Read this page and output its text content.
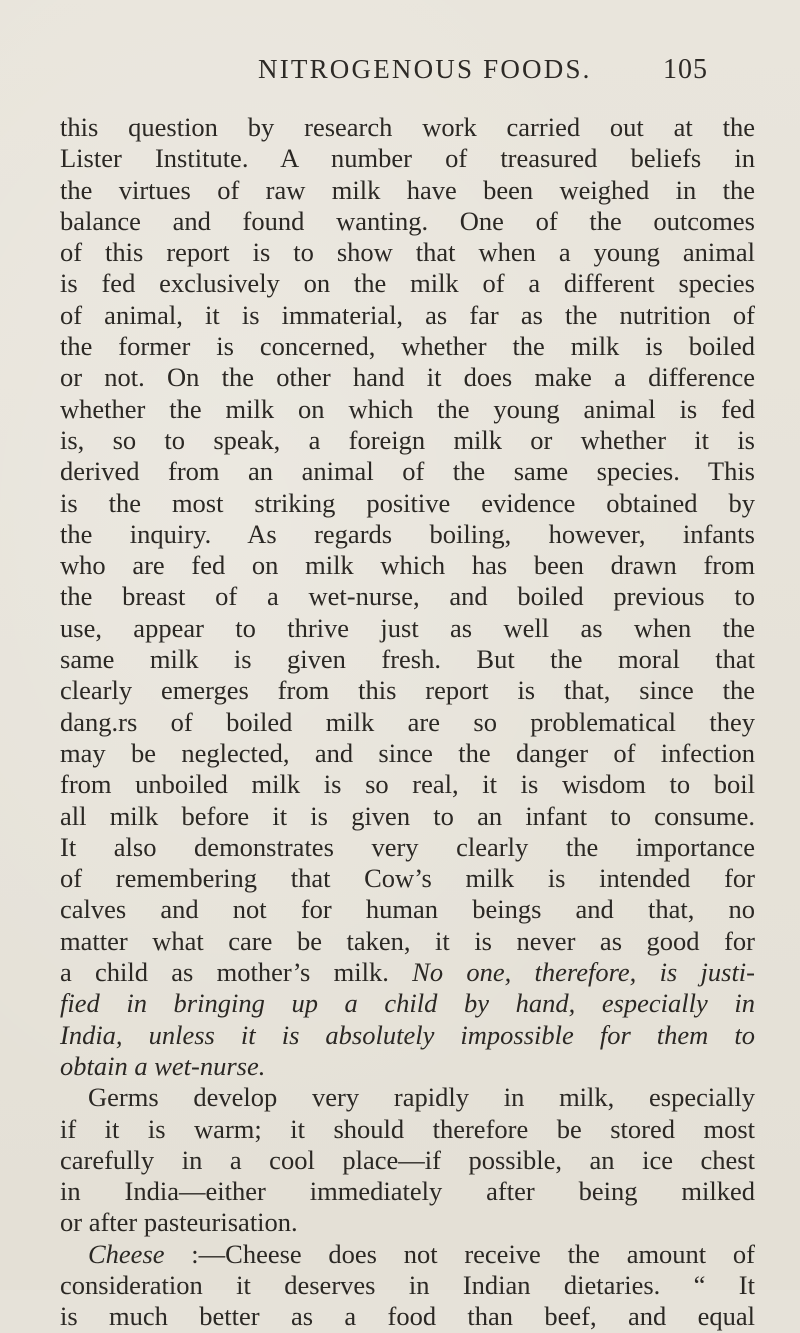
NITROGENOUS FOODS.	105
this question by research work carried out at the
Lister Institute. A number of treasured beliefs in
the virtues of raw milk have been weighed in the
balance and found wanting. One of the outcomes
of this report is to show that when a young animal
is fed exclusively on the milk of a different species
of animal, it is immaterial, as far as the nutrition of
the former is concerned, whether the milk is boiled
or not. On the other hand it does make a difference
whether the milk on which the young animal is fed
is, so to speak, a foreign milk or whether it is
derived from an animal of the same species. This
is the most striking positive evidence obtained by
the inquiry. As regards boiling, however, infants
who are fed on milk which has been drawn from
the breast of a wet-nurse, and boiled previous to
use, appear to thrive just as well as when the
same milk is given fresh. But the moral that
clearly emerges from this report is that, since the
dang.rs of boiled milk are so problematical they
may be neglected, and since the danger of infection
from unboiled milk is so real, it is wisdom to boil
all milk before it is given to an infant to consume.
It also demonstrates very clearly the importance
of remembering that Cow’s milk is intended for
calves and not for human beings and that, no
matter what care be taken, it is never as good for
a child as mother’s milk. No one, therefore, is justi-
fied in bringing up a child by hand, especially in
India, unless it is absolutely impossible for them to
obtain a wet-nurse.
Germs develop very rapidly in milk, especially
if it is warm; it should therefore be stored most
carefully in a cool place—if possible, an ice chest
in India—either immediately after being milked
or after pasteurisation.
Cheese :—Cheese does not receive the amount of
consideration it deserves in Indian dietaries. “ It
is much better as a food than beef, and equal
